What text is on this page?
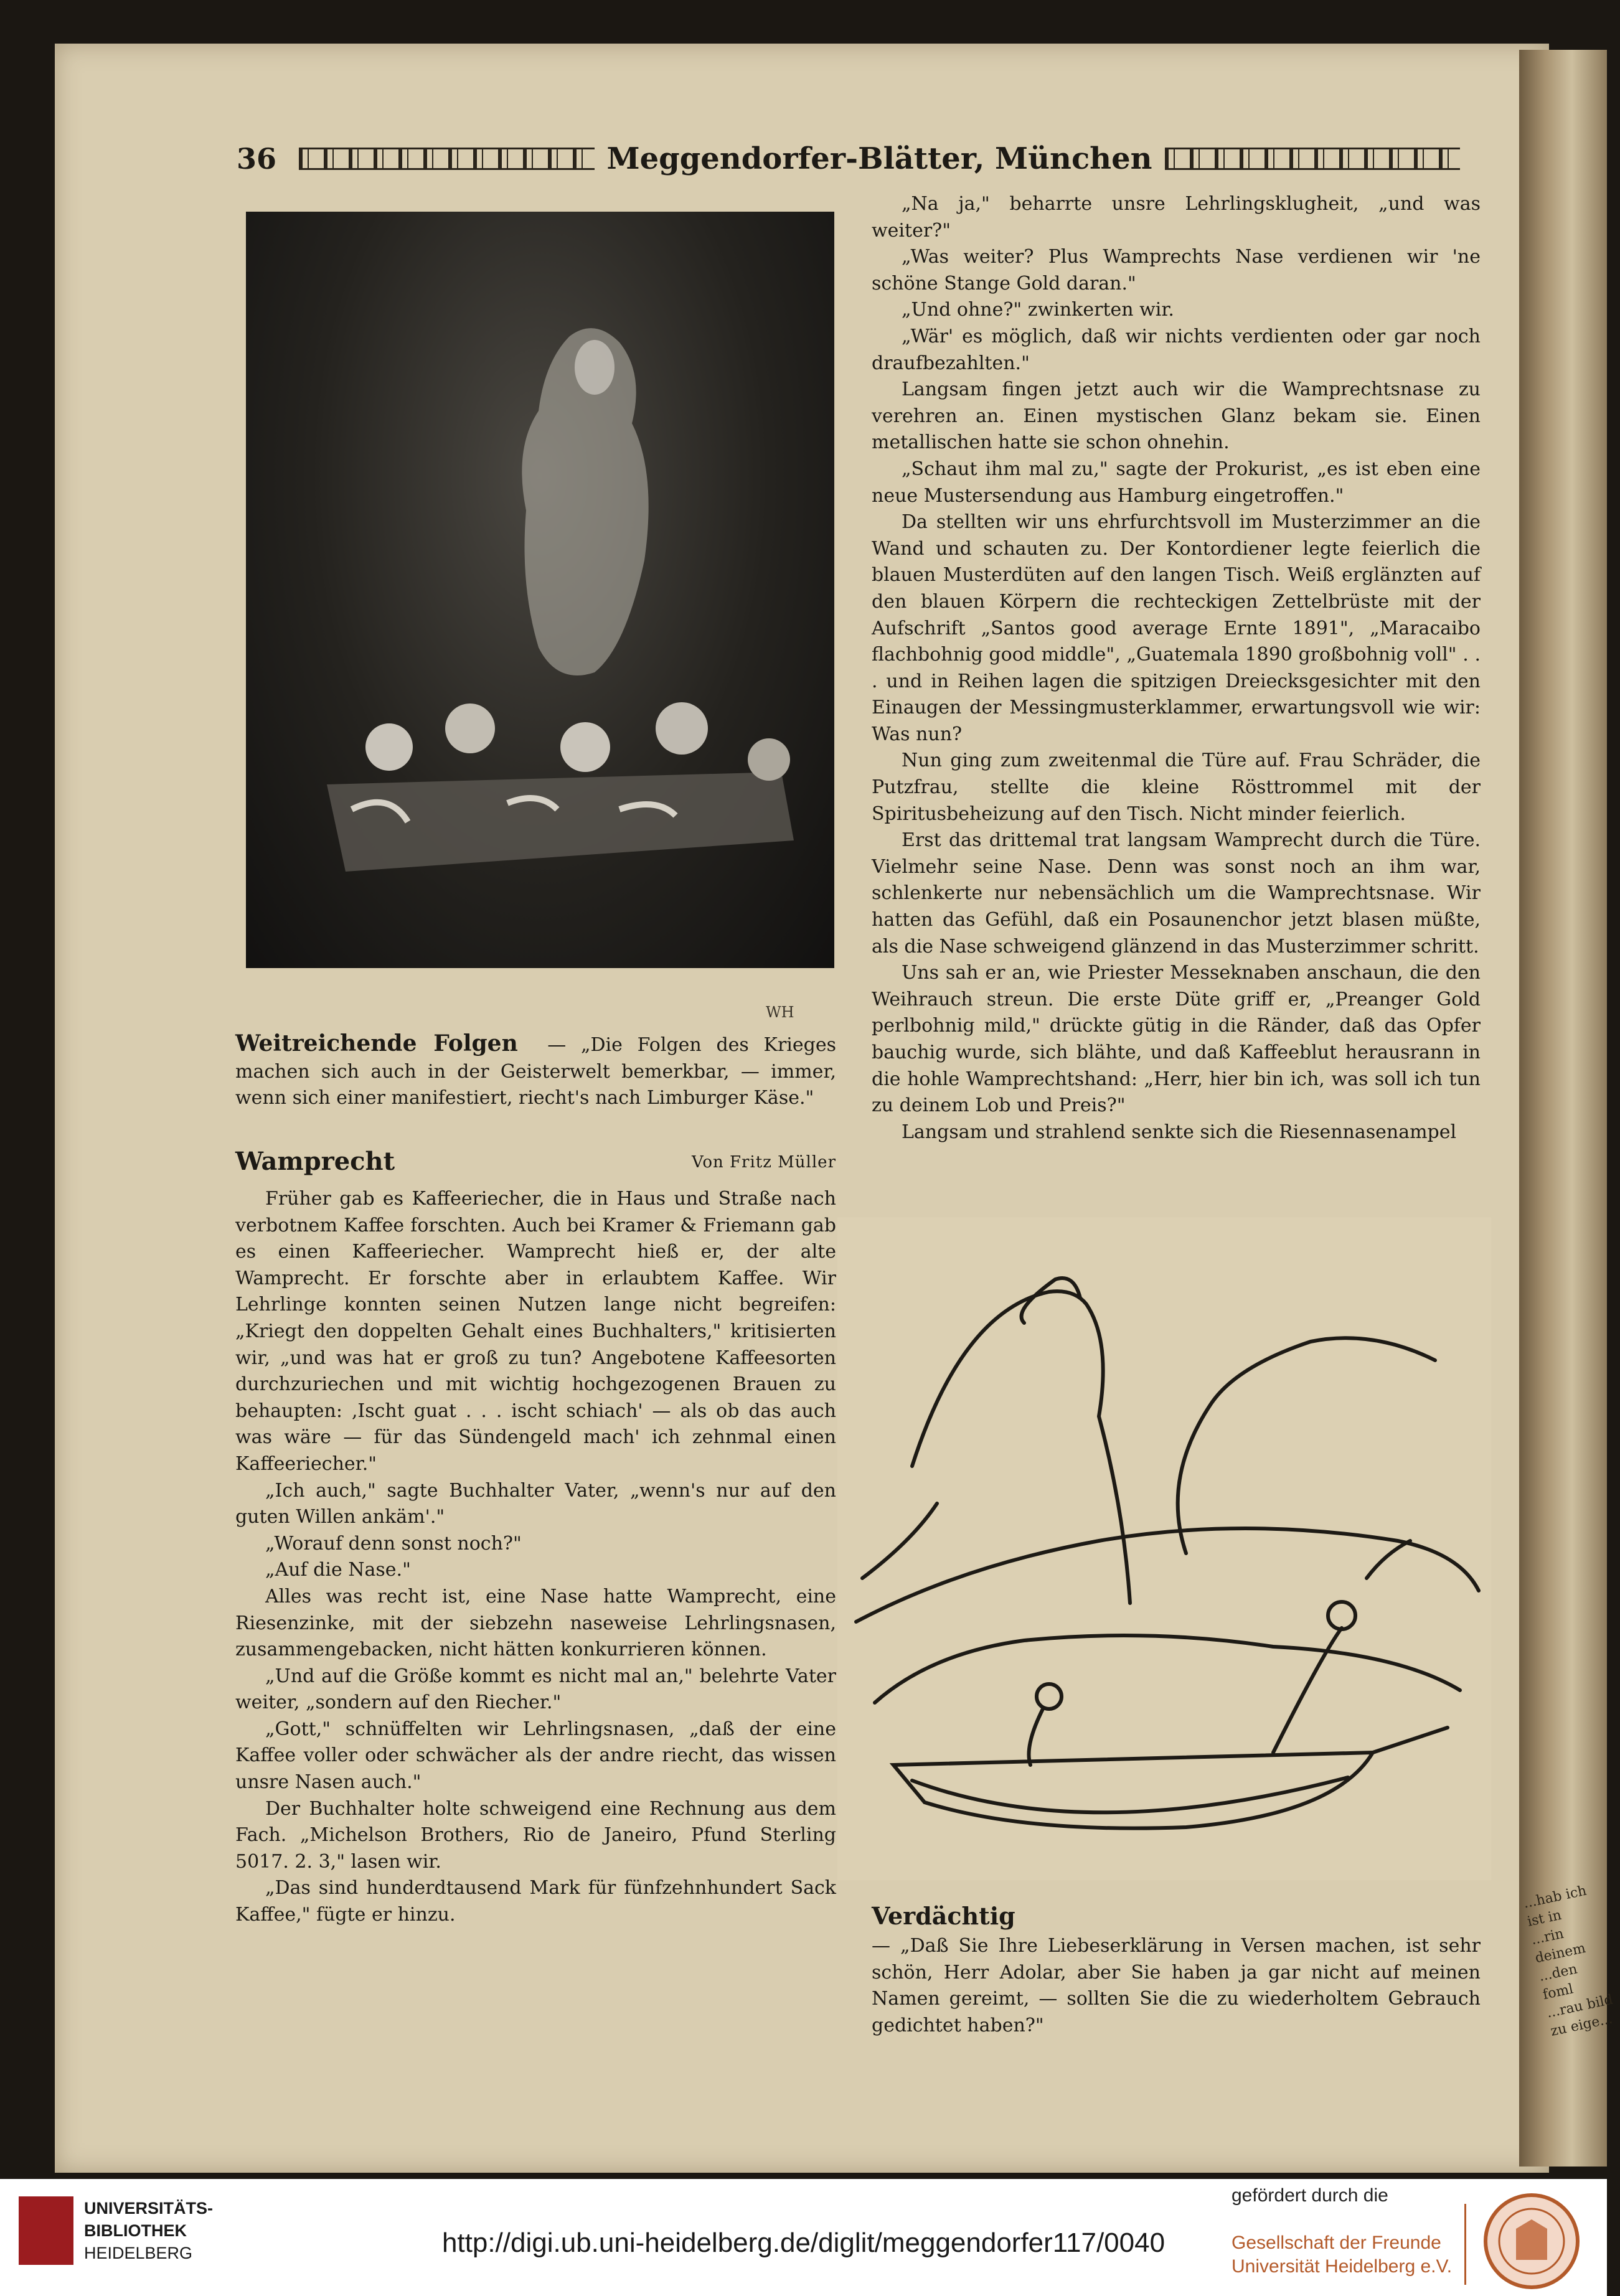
...hab ich ist in ...rin deinem ...den foml ...rau bild zu eige...
36	Meggendorfer-Blätter, München
WH

Weitreichende Folgen — „Die Folgen des Krieges machen sich auch in der Geisterwelt bemerkbar, — immer, wenn sich einer manifestiert, riecht's nach Limburger Käse."

Wamprecht	Von Fritz Müller

Früher gab es Kaffeeriecher, die in Haus und Straße nach verbotnem Kaffee forschten. Auch bei Kramer & Friemann gab es einen Kaffeeriecher. Wamprecht hieß er, der alte Wamprecht. Er forschte aber in erlaubtem Kaffee. Wir Lehrlinge konnten seinen Nutzen lange nicht begreifen: „Kriegt den doppelten Gehalt eines Buchhalters," kritisierten wir, „und was hat er groß zu tun? Angebotene Kaffeesorten durchzuriechen und mit wichtig hochgezogenen Brauen zu behaupten: ‚Ischt guat . . . ischt schiach' — als ob das auch was wäre — für das Sündengeld mach' ich zehnmal einen Kaffeeriecher."

„Ich auch," sagte Buchhalter Vater, „wenn's nur auf den guten Willen ankäm'."

„Worauf denn sonst noch?"

„Auf die Nase."

Alles was recht ist, eine Nase hatte Wamprecht, eine Riesenzinke, mit der siebzehn naseweise Lehrlingsnasen, zusammengebacken, nicht hätten konkurrieren können.

„Und auf die Größe kommt es nicht mal an," belehrte Vater weiter, „sondern auf den Riecher."

„Gott," schnüffelten wir Lehrlingsnasen, „daß der eine Kaffee voller oder schwächer als der andre riecht, das wissen unsre Nasen auch."

Der Buchhalter holte schweigend eine Rechnung aus dem Fach. „Michelson Brothers, Rio de Janeiro, Pfund Sterling 5017. 2. 3," lasen wir.

„Das sind hunderdtausend Mark für fünfzehnhundert Sack Kaffee," fügte er hinzu.

„Na ja," beharrte unsre Lehrlingsklugheit, „und was weiter?"

„Was weiter? Plus Wamprechts Nase verdienen wir 'ne schöne Stange Gold daran."

„Und ohne?" zwinkerten wir.

„Wär' es möglich, daß wir nichts verdienten oder gar noch draufbezahlten."

Langsam fingen jetzt auch wir die Wamprechtsnase zu verehren an. Einen mystischen Glanz bekam sie. Einen metallischen hatte sie schon ohnehin.

„Schaut ihm mal zu," sagte der Prokurist, „es ist eben eine neue Mustersendung aus Hamburg eingetroffen."

Da stellten wir uns ehrfurchtsvoll im Musterzimmer an die Wand und schauten zu. Der Kontordiener legte feierlich die blauen Musterdüten auf den langen Tisch. Weiß erglänzten auf den blauen Körpern die rechteckigen Zettelbrüste mit der Aufschrift „Santos good average Ernte 1891", „Maracaibo flachbohnig good middle", „Guatemala 1890 großbohnig voll" . . . und in Reihen lagen die spitzigen Dreiecksgesichter mit den Einaugen der Messingmusterklammer, erwartungsvoll wie wir: Was nun?

Nun ging zum zweitenmal die Türe auf. Frau Schräder, die Putzfrau, stellte die kleine Rösttrommel mit der Spiritusbeheizung auf den Tisch. Nicht minder feierlich.

Erst das drittemal trat langsam Wamprecht durch die Türe. Vielmehr seine Nase. Denn was sonst noch an ihm war, schlenkerte nur nebensächlich um die Wamprechtsnase. Wir hatten das Gefühl, daß ein Posaunenchor jetzt blasen müßte, als die Nase schweigend glänzend in das Musterzimmer schritt.

Uns sah er an, wie Priester Messeknaben anschaun, die den Weihrauch streun. Die erste Düte griff er, „Preanger Gold perlbohnig mild," drückte gütig in die Ränder, daß das Opfer bauchig wurde, sich blähte, und daß Kaffeeblut herausrann in die hohle Wamprechtshand: „Herr, hier bin ich, was soll ich tun zu deinem Lob und Preis?"

Langsam und strahlend senkte sich die Riesennasenampel

Verdächtig

— „Daß Sie Ihre Liebeserklärung in Versen machen, ist sehr schön, Herr Adolar, aber Sie haben ja gar nicht auf meinen Namen gereimt, — sollten Sie die zu wiederholtem Gebrauch gedichtet haben?"

UNIVERSITÄTS-
BIBLIOTHEK
HEIDELBERG	http://digi.ub.uni-heidelberg.de/diglit/meggendorfer117/0040
gefördert durch die
Gesellschaft der Freunde
Universität Heidelberg e.V.
